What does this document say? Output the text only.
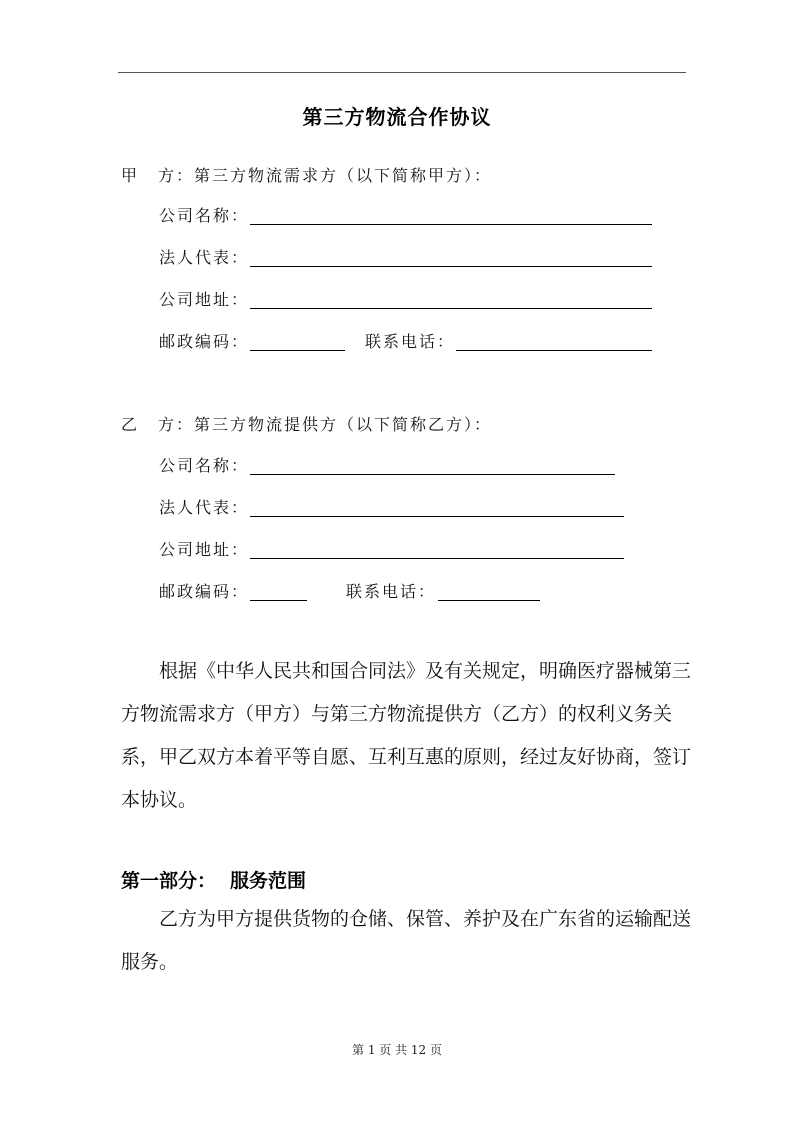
第三方物流合作协议
甲 方：第三方物流需求方（以下简称甲方）：
公司名称：
法人代表：
公司地址：
邮政编码：	联系电话：
乙 方：第三方物流提供方（以下简称乙方）：
公司名称：
法人代表：
公司地址：
邮政编码：	联系电话：
根据《中华人民共和国合同法》及有关规定，明确医疗器械第三方物流需求方（甲方）与第三方物流提供方（乙方）的权利义务关系，甲乙双方本着平等自愿、互利互惠的原则，经过友好协商，签订本协议。
第一部分： 服务范围
乙方为甲方提供货物的仓储、保管、养护及在广东省的运输配送服务。
第 1 页 共 12 页
